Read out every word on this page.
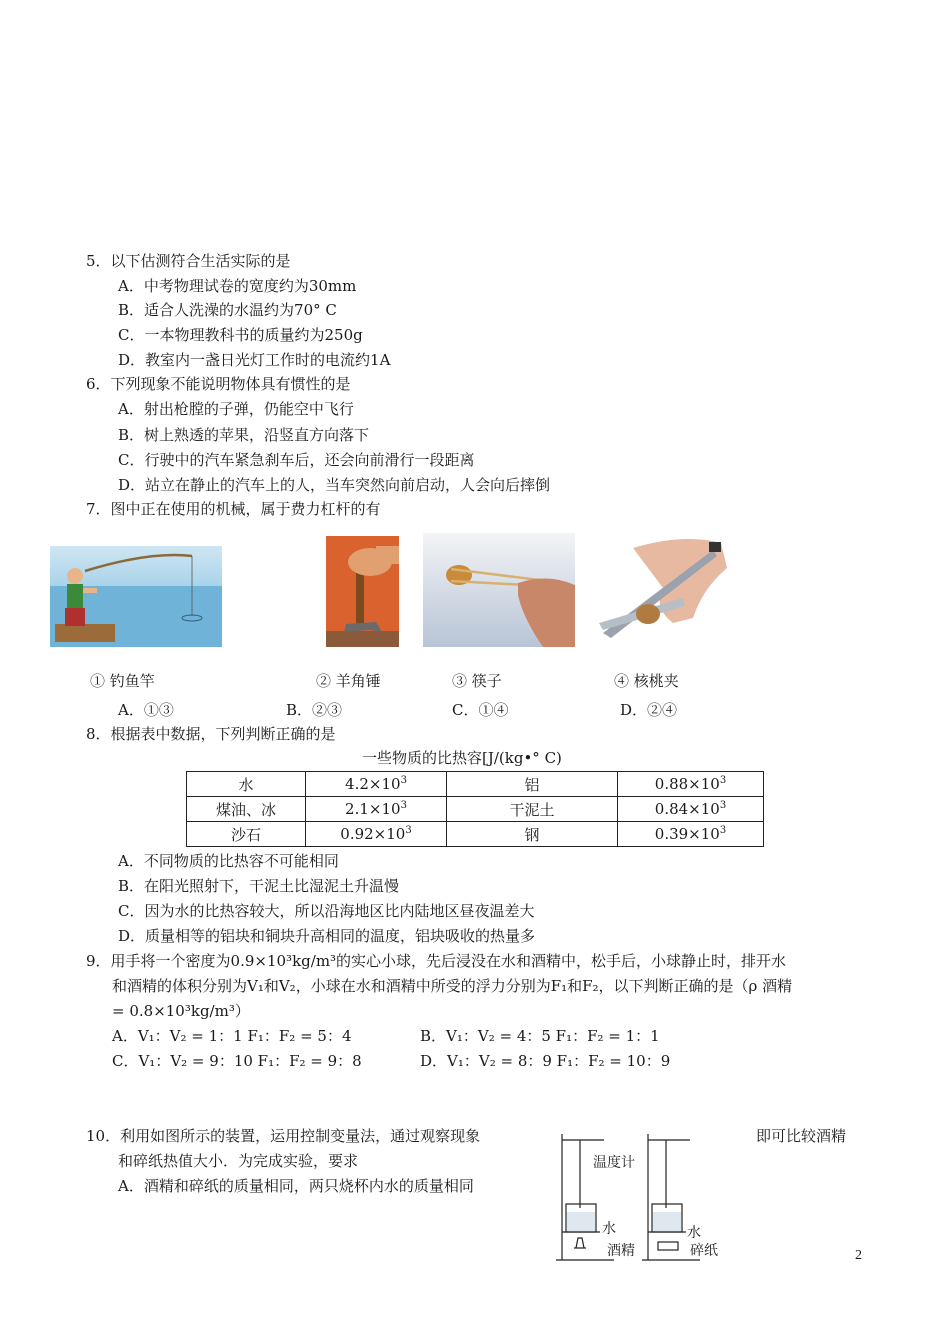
5．以下估测符合生活实际的是
A．中考物理试卷的宽度约为30mm
B．适合人洗澡的水温约为70° C
C．一本物理教科书的质量约为250g
D．教室内一盏日光灯工作时的电流约1A
6．下列现象不能说明物体具有惯性的是
A．射出枪膛的子弹，仍能空中飞行
B．树上熟透的苹果，沿竖直方向落下
C．行驶中的汽车紧急刹车后，还会向前滑行一段距离
D．站立在静止的汽车上的人，当车突然向前启动，人会向后摔倒
7．图中正在使用的机械，属于费力杠杆的有
① 钓鱼竿	② 羊角锤	③ 筷子	④ 核桃夹
A．①③	B．②③	C．①④	D．②④
8．根据表中数据，下列判断正确的是
一些物质的比热容[J/(kg•° C)
水	$4.2\times 10^3$	铝	$0.88\times 10^3$
煤油、冰	$2.1\times 10^3$	干泥土	$0.84\times 10^3$
沙石	$0.92\times 10^3$	钢	$0.39\times 10^3$
A．不同物质的比热容不可能相同
B．在阳光照射下，干泥土比湿泥土升温慢
C．因为水的比热容较大，所以沿海地区比内陆地区昼夜温差大
D．质量相等的铝块和铜块升高相同的温度，铝块吸收的热量多
9．用手将一个密度为0.9×10³kg/m³的实心小球，先后浸没在水和酒精中，松手后，小球静止时，排开水
和酒精的体积分别为V₁和V₂，小球在水和酒精中所受的浮力分别为F₁和F₂，以下判断正确的是（ρ 酒精
= 0.8×10³kg/m³）
A．V₁：V₂ = 1：1 F₁：F₂ = 5：4	B．V₁：V₂ = 4：5 F₁：F₂ = 1：1
C．V₁：V₂ = 9：10 F₁：F₂ = 9：8	D．V₁：V₂ = 8：9 F₁：F₂ = 10：9
10．利用如图所示的装置，运用控制变量法，通过观察现象	即可比较酒精
和碎纸热值大小．为完成实验，要求
A．酒精和碎纸的质量相同，两只烧杯内水的质量相同
温度计
水
酒精
水
碎纸	2
